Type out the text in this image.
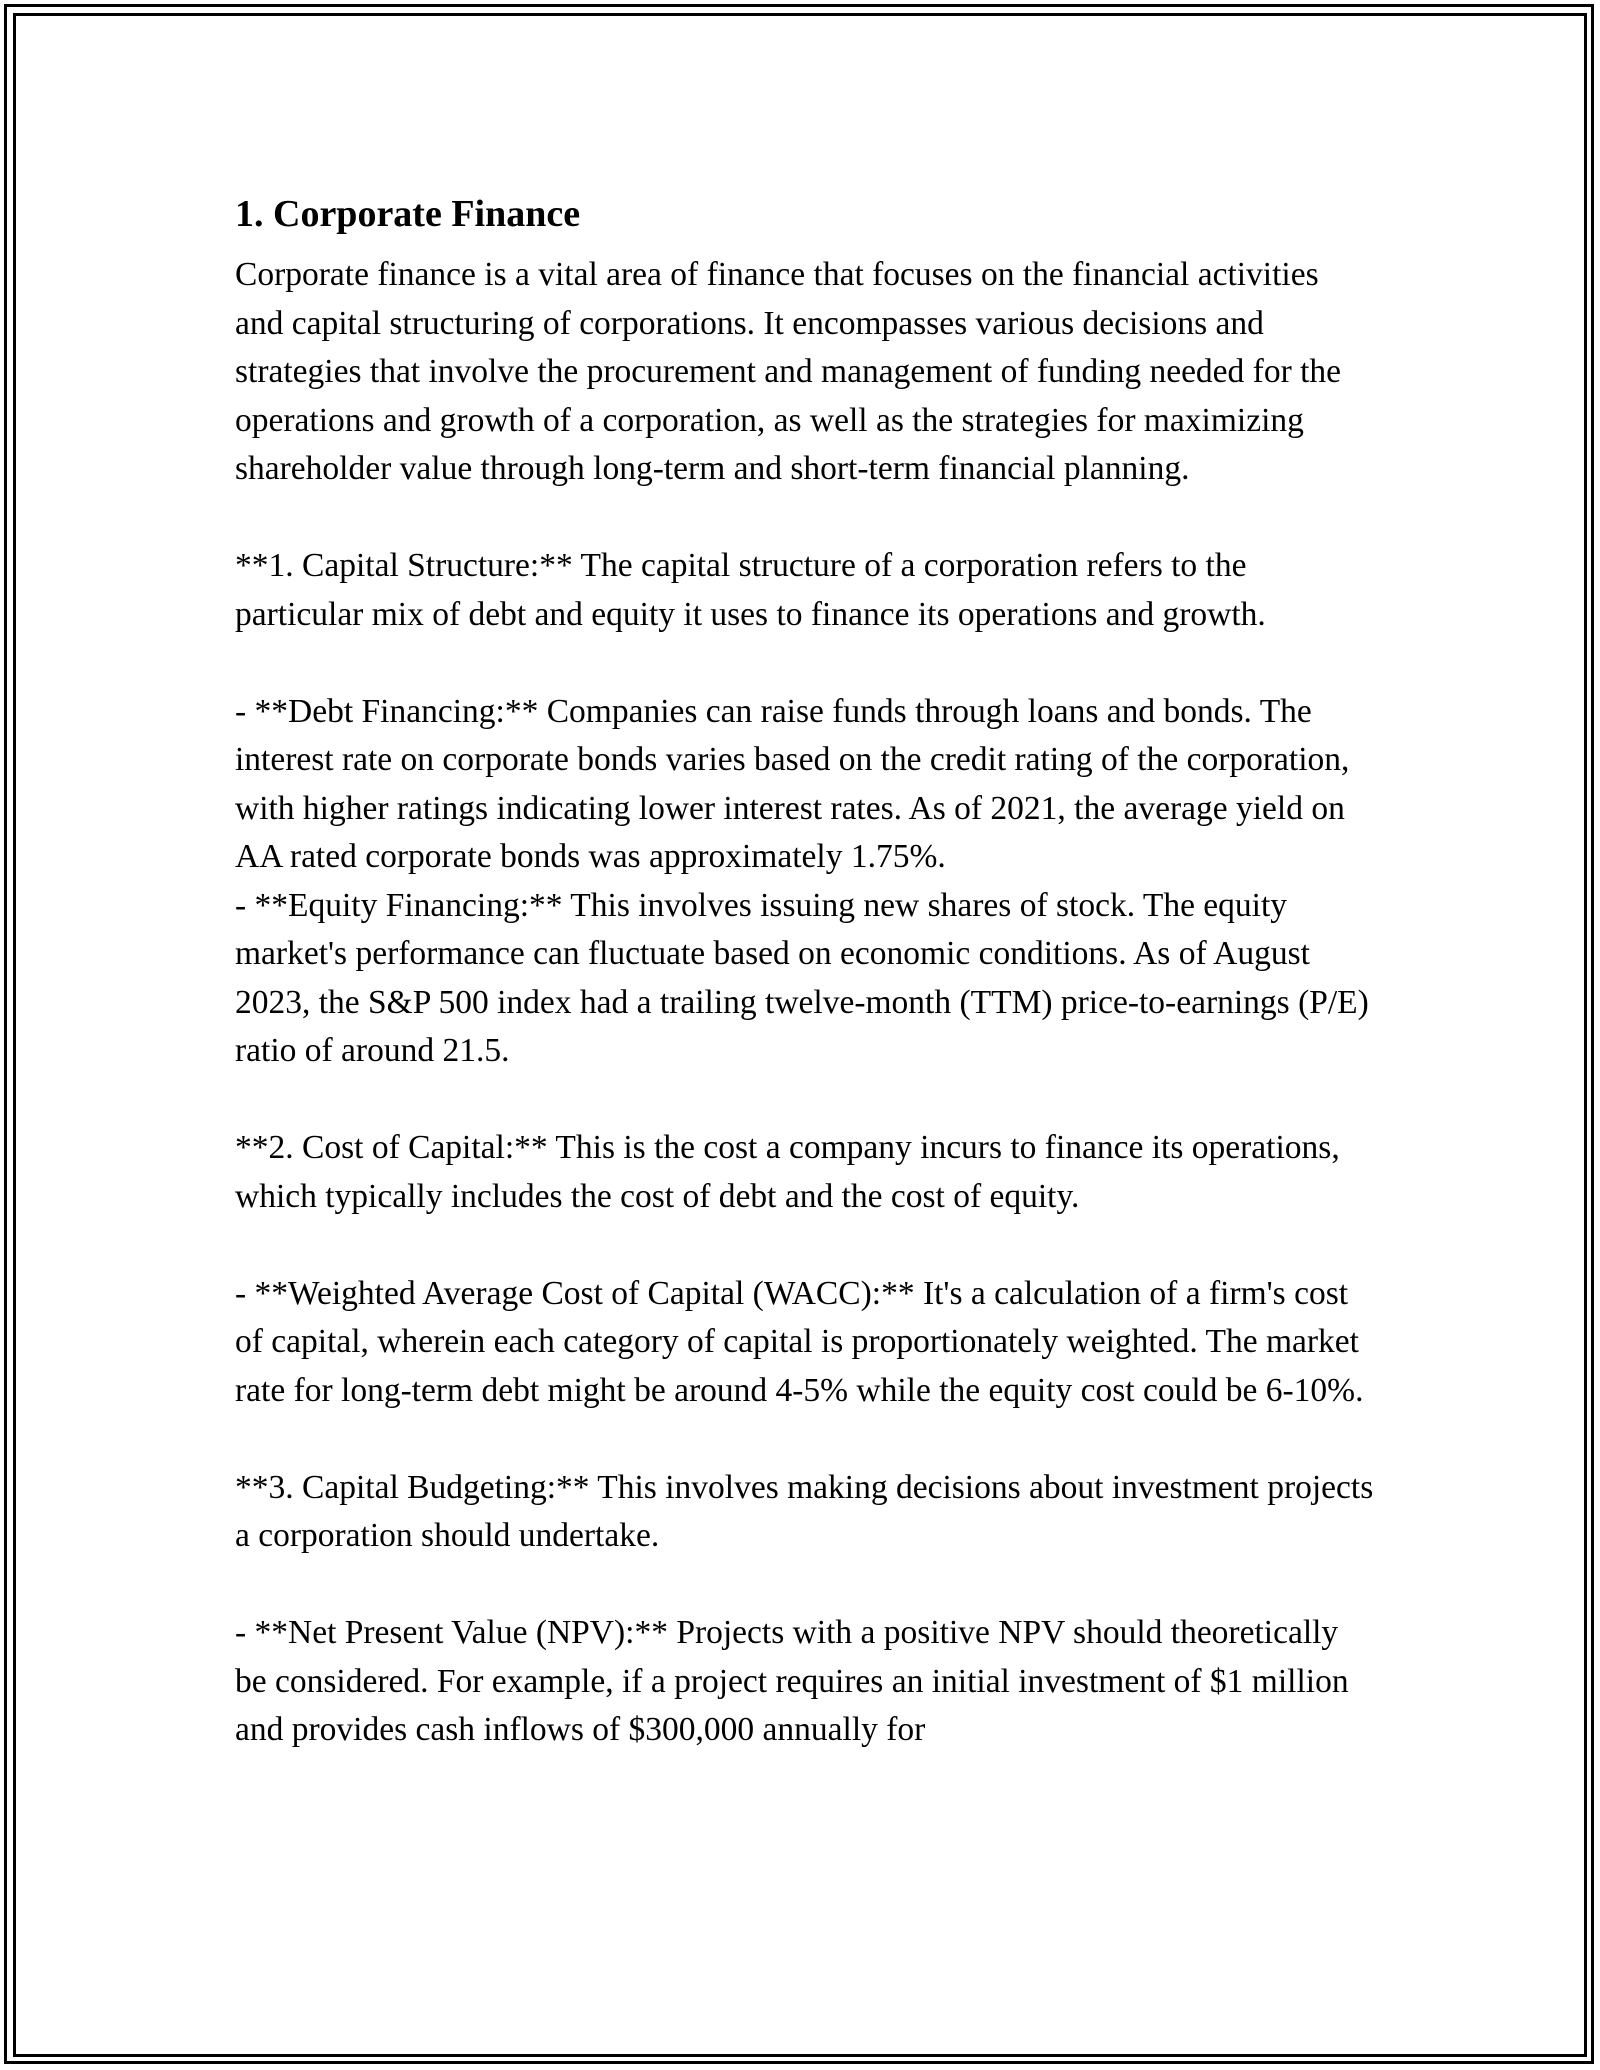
1. Corporate Finance

Corporate finance is a vital area of finance that focuses on the financial activities and capital structuring of corporations. It encompasses various decisions and strategies that involve the procurement and management of funding needed for the operations and growth of a corporation, as well as the strategies for maximizing shareholder value through long-term and short-term financial planning.

**1. Capital Structure:** The capital structure of a corporation refers to the particular mix of debt and equity it uses to finance its operations and growth.

- **Debt Financing:** Companies can raise funds through loans and bonds. The interest rate on corporate bonds varies based on the credit rating of the corporation, with higher ratings indicating lower interest rates. As of 2021, the average yield on AA rated corporate bonds was approximately 1.75%.

- **Equity Financing:** This involves issuing new shares of stock. The equity market's performance can fluctuate based on economic conditions. As of August 2023, the S&P 500 index had a trailing twelve-month (TTM) price-to-earnings (P/E) ratio of around 21.5.

**2. Cost of Capital:** This is the cost a company incurs to finance its operations, which typically includes the cost of debt and the cost of equity.

- **Weighted Average Cost of Capital (WACC):** It's a calculation of a firm's cost of capital, wherein each category of capital is proportionately weighted. The market rate for long-term debt might be around 4-5% while the equity cost could be 6-10%.

**3. Capital Budgeting:** This involves making decisions about investment projects a corporation should undertake.

- **Net Present Value (NPV):** Projects with a positive NPV should theoretically be considered. For example, if a project requires an initial investment of $1 million and provides cash inflows of $300,000 annually for
